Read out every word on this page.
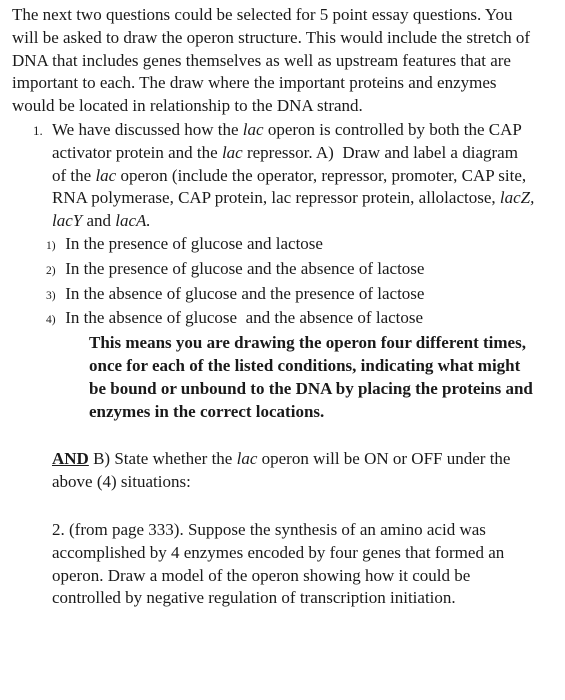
The next two questions could be selected for 5 point essay questions. You will be asked to draw the operon structure. This would include the stretch of DNA that includes genes themselves as well as upstream features that are important to each. The draw where the important proteins and enzymes would be located in relationship to the DNA strand.

1. We have discussed how the lac operon is controlled by both the CAP activator protein and the lac repressor. A)  Draw and label a diagram of the lac operon (include the operator, repressor, promoter, CAP site, RNA polymerase, CAP protein, lac repressor protein, allolactose, lacZ, lacY and lacA.
1) In the presence of glucose and lactose
2) In the presence of glucose and the absence of lactose
3) In the absence of glucose and the presence of lactose
4) In the absence of glucose  and the absence of lactose

This means you are drawing the operon four different times, once for each of the listed conditions, indicating what might be bound or unbound to the DNA by placing the proteins and enzymes in the correct locations.

AND B) State whether the lac operon will be ON or OFF under the above (4) situations:

2. (from page 333). Suppose the synthesis of an amino acid was accomplished by 4 enzymes encoded by four genes that formed an operon. Draw a model of the operon showing how it could be controlled by negative regulation of transcription initiation.
